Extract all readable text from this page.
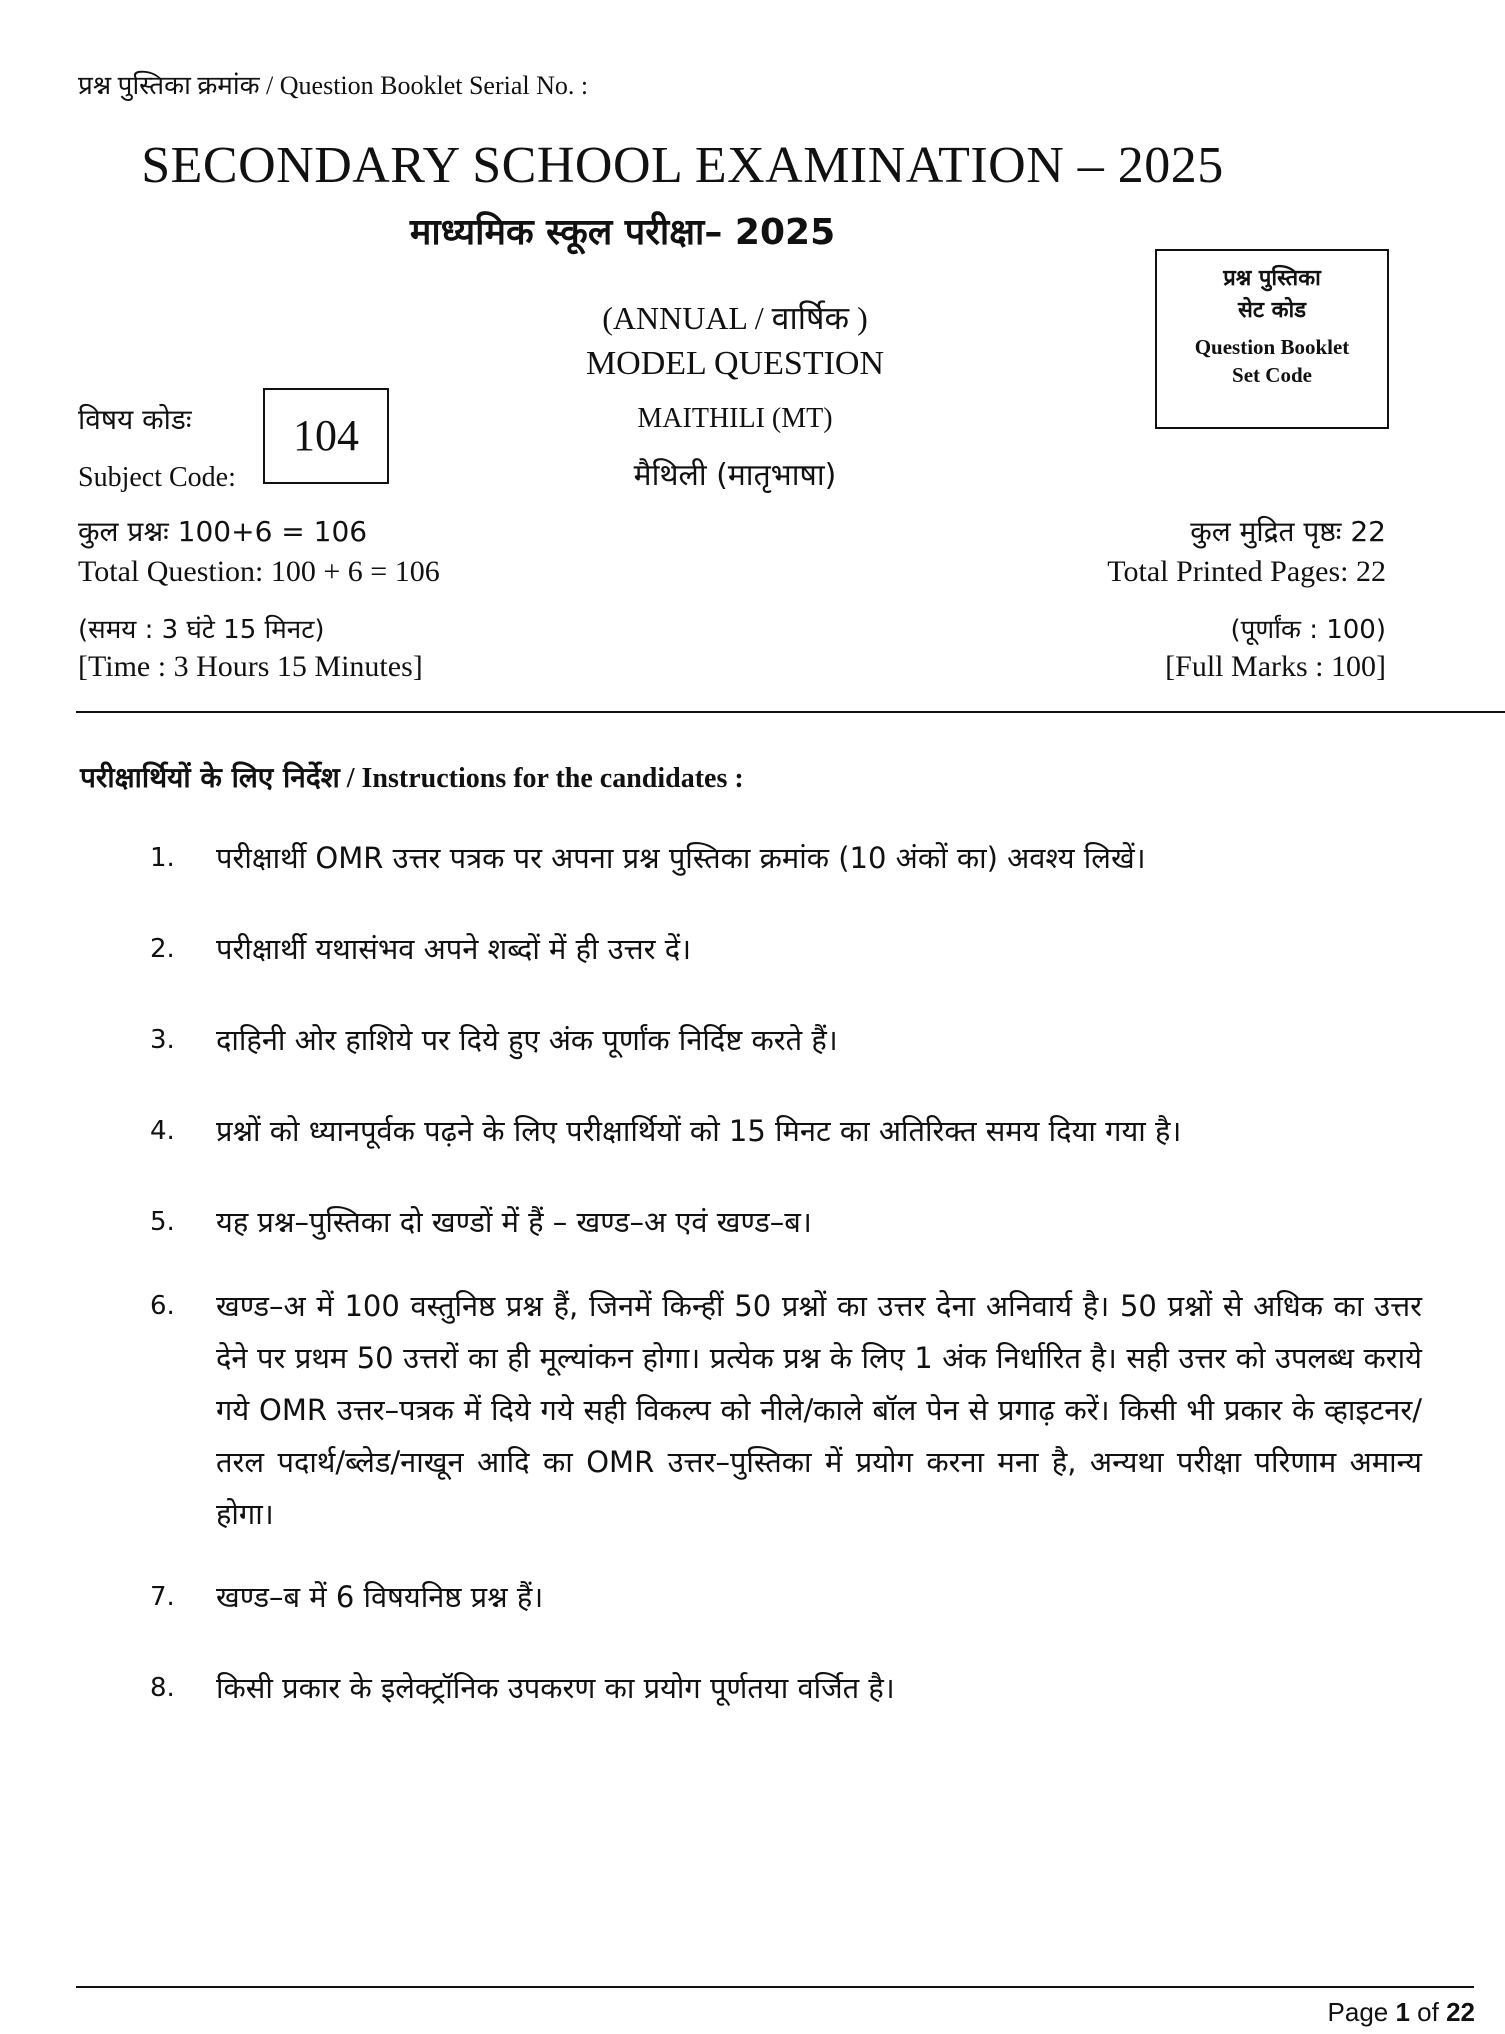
प्रश्न पुस्तिका क्रमांक / Question Booklet Serial No. :
SECONDARY SCHOOL EXAMINATION – 2025
माध्यमिक स्कूल परीक्षा– 2025
प्रश्न पुस्तिका
सेट कोड
Question Booklet
Set Code
(ANNUAL / वार्षिक )
MODEL QUESTION
MAITHILI (MT)
मैथिली (मातृभाषा)
विषय कोडः
Subject Code:
104
कुल प्रश्नः 100+6 = 106
Total Question: 100 + 6 = 106
कुल मुद्रित पृष्ठः 22
Total Printed Pages: 22
(समय : 3 घंटे 15 मिनट)
[Time : 3 Hours 15 Minutes]
(पूर्णांक : 100)
[Full Marks : 100]
परीक्षार्थियों के लिए निर्देश / Instructions for the candidates :
1. परीक्षार्थी OMR उत्तर पत्रक पर अपना प्रश्न पुस्तिका क्रमांक (10 अंकों का) अवश्य लिखें।
2. परीक्षार्थी यथासंभव अपने शब्दों में ही उत्तर दें।
3. दाहिनी ओर हाशिये पर दिये हुए अंक पूर्णांक निर्दिष्ट करते हैं।
4. प्रश्नों को ध्यानपूर्वक पढ़ने के लिए परीक्षार्थियों को 15 मिनट का अतिरिक्त समय दिया गया है।
5. यह प्रश्न–पुस्तिका दो खण्डों में हैं – खण्ड–अ एवं खण्ड–ब।
6. खण्ड–अ में 100 वस्तुनिष्ठ प्रश्न हैं, जिनमें किन्हीं 50 प्रश्नों का उत्तर देना अनिवार्य है। 50 प्रश्नों से अधिक का उत्तर देने पर प्रथम 50 उत्तरों का ही मूल्यांकन होगा। प्रत्येक प्रश्न के लिए 1 अंक निर्धारित है। सही उत्तर को उपलब्ध कराये गये OMR उत्तर–पत्रक में दिये गये सही विकल्प को नीले/काले बॉल पेन से प्रगाढ़ करें। किसी भी प्रकार के व्हाइटनर/तरल पदार्थ/ब्लेड/नाखून आदि का OMR उत्तर–पुस्तिका में प्रयोग करना मना है, अन्यथा परीक्षा परिणाम अमान्य होगा।
7. खण्ड–ब में 6 विषयनिष्ठ प्रश्न हैं।
8. किसी प्रकार के इलेक्ट्रॉनिक उपकरण का प्रयोग पूर्णतया वर्जित है।
Page 1 of 22
